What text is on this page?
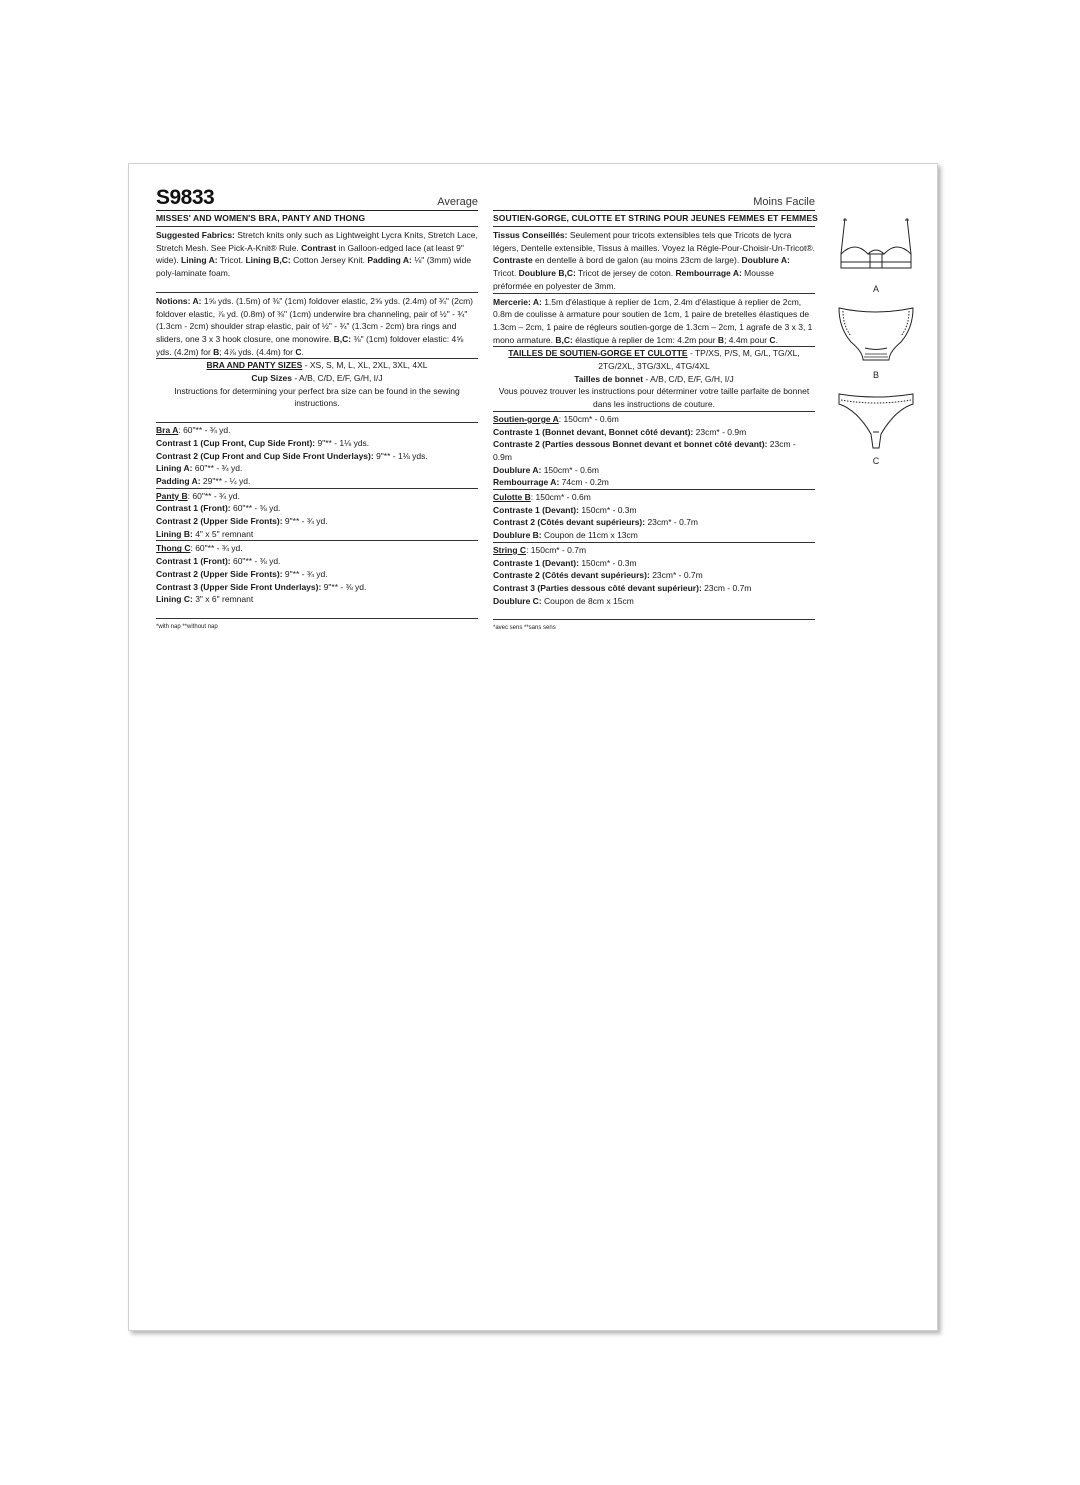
S9833	Average
MISSES' AND WOMEN'S BRA, PANTY AND THONG

Suggested Fabrics: Stretch knits only such as Lightweight Lycra Knits, Stretch Lace, Stretch Mesh. See Pick-A-Knit® Rule. Contrast in Galloon-edged lace (at least 9" wide). Lining A: Tricot. Lining B,C: Cotton Jersey Knit. Padding A: ⅛" (3mm) wide poly-laminate foam.

Notions: A: 1⅝ yds. (1.5m) of ⅜" (1cm) foldover elastic, 2⅝ yds. (2.4m) of ¾" (2cm) foldover elastic, ⅞ yd. (0.8m) of ⅜" (1cm) underwire bra channeling, pair of ½" - ¾" (1.3cm - 2cm) shoulder strap elastic, pair of ½" - ¾" (1.3cm - 2cm) bra rings and sliders, one 3 x 3 hook closure, one monowire. B,C: ⅜" (1cm) foldover elastic: 4⅝ yds. (4.2m) for B; 4⅞ yds. (4.4m) for C.

BRA AND PANTY SIZES - XS, S, M, L, XL, 2XL, 3XL, 4XL
Cup Sizes - A/B, C/D, E/F, G/H, I/J
Instructions for determining your perfect bra size can be found in the sewing instructions.
Bra A: 60"** - ¾ yd.
Contrast 1 (Cup Front, Cup Side Front): 9"** - 1⅛ yds.
Contrast 2 (Cup Front and Cup Side Front Underlays): 9"** - 1⅛ yds.
Lining A: 60"** - ¾ yd.
Padding A: 29"** - ¼ yd.
Panty B: 60"** - ¾ yd.
Contrast 1 (Front): 60"** - ⅜ yd.
Contrast 2 (Upper Side Fronts): 9"** - ¾ yd.
Lining B: 4" x 5" remnant
Thong C: 60"** - ¾ yd.
Contrast 1 (Front): 60"** - ⅜ yd.
Contrast 2 (Upper Side Fronts): 9"** - ¾ yd.
Contrast 3 (Upper Side Front Underlays): 9"** - ⅜ yd.
Lining C: 3" x 6" remnant
*with nap **without nap
Moins Facile
SOUTIEN-GORGE, CULOTTE ET STRING POUR JEUNES FEMMES ET FEMMES

Tissus Conseillés: Seulement pour tricots extensibles tels que Tricots de lycra légers, Dentelle extensible, Tissus à mailles. Voyez la Règle-Pour-Choisir-Un-Tricot®. Contraste en dentelle à bord de galon (au moins 23cm de large). Doublure A: Tricot. Doublure B,C: Tricot de jersey de coton. Rembourrage A: Mousse préformée en polyester de 3mm.

Mercerie: A: 1.5m d'élastique à replier de 1cm, 2.4m d'élastique à replier de 2cm, 0.8m de coulisse à armature pour soutien de 1cm, 1 paire de bretelles élastiques de 1.3cm – 2cm, 1 paire de régleurs soutien-gorge de 1.3cm – 2cm, 1 agrafe de 3 x 3, 1 mono armature. B,C: élastique à replier de 1cm: 4.2m pour B; 4.4m pour C.

TAILLES DE SOUTIEN-GORGE ET CULOTTE - TP/XS, P/S, M, G/L, TG/XL, 2TG/2XL, 3TG/3XL, 4TG/4XL
Tailles de bonnet - A/B, C/D, E/F, G/H, I/J
Vous pouvez trouver les instructions pour déterminer votre taille parfaite de bonnet dans les instructions de couture.
Soutien-gorge A: 150cm* - 0.6m
Contraste 1 (Bonnet devant, Bonnet côté devant): 23cm* - 0.9m
Contraste 2 (Parties dessous Bonnet devant et bonnet côté devant): 23cm - 0.9m
Doublure A: 150cm* - 0.6m
Rembourrage A: 74cm - 0.2m
Culotte B: 150cm* - 0.6m
Contraste 1 (Devant): 150cm* - 0.3m
Contrast 2 (Côtés devant supérieurs): 23cm* - 0.7m
Doublure B: Coupon de 11cm x 13cm
String C: 150cm* - 0.7m
Contraste 1 (Devant): 150cm* - 0.3m
Contraste 2 (Côtés devant supérieurs): 23cm* - 0.7m
Contrast 3 (Parties dessous côté devant supérieur): 23cm - 0.7m
Doublure C: Coupon de 8cm x 15cm
*avec sens **sans sens
A
B
C
